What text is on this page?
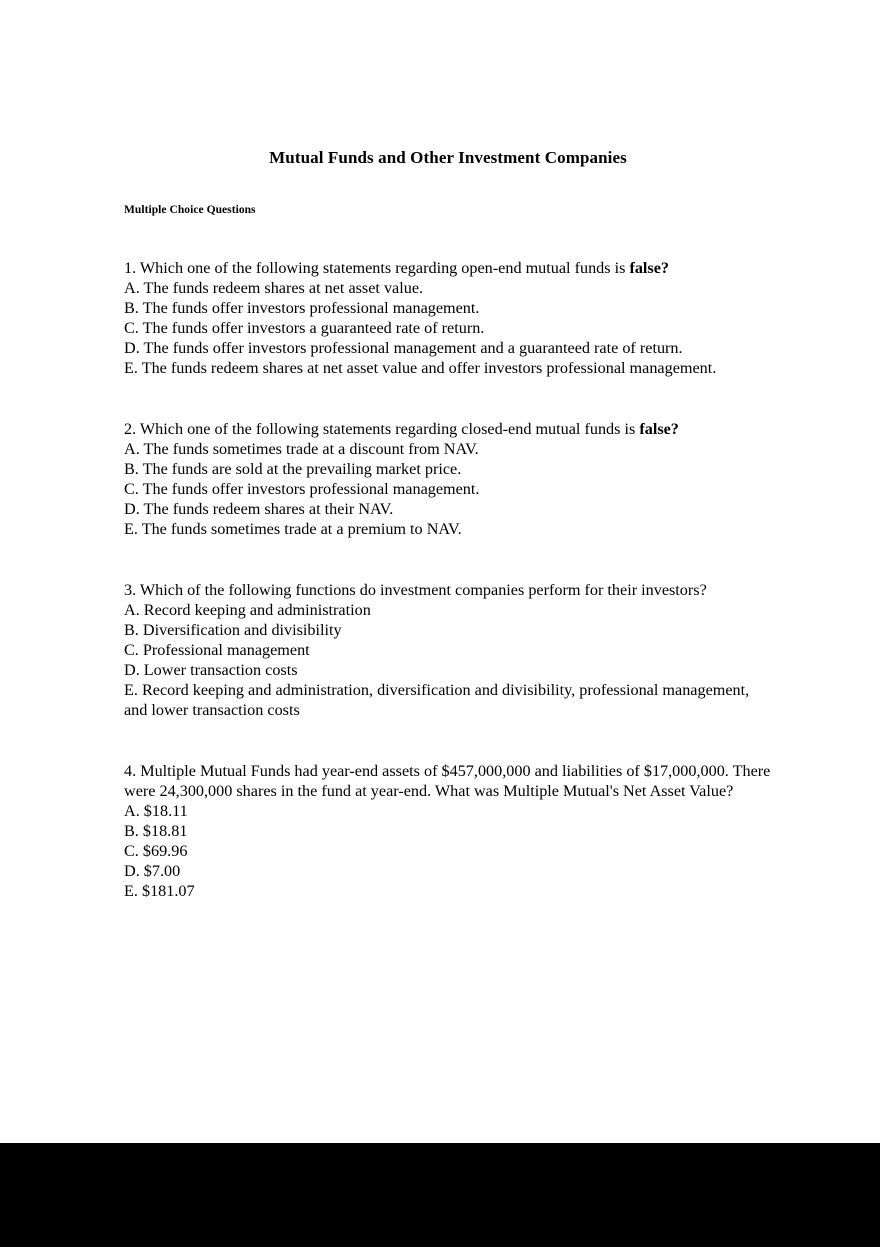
Mutual Funds and Other Investment Companies
Multiple Choice Questions

1. Which one of the following statements regarding open-end mutual funds is false?

A. The funds redeem shares at net asset value.

B. The funds offer investors professional management.

C. The funds offer investors a guaranteed rate of return.

D. The funds offer investors professional management and a guaranteed rate of return.

E. The funds redeem shares at net asset value and offer investors professional management.

2. Which one of the following statements regarding closed-end mutual funds is false?

A. The funds sometimes trade at a discount from NAV.

B. The funds are sold at the prevailing market price.

C. The funds offer investors professional management.

D. The funds redeem shares at their NAV.

E. The funds sometimes trade at a premium to NAV.

3. Which of the following functions do investment companies perform for their investors?

A. Record keeping and administration

B. Diversification and divisibility

C. Professional management

D. Lower transaction costs

E. Record keeping and administration, diversification and divisibility, professional management, and lower transaction costs

4. Multiple Mutual Funds had year-end assets of $457,000,000 and liabilities of $17,000,000. There were 24,300,000 shares in the fund at year-end. What was Multiple Mutual's Net Asset Value?

A. $18.11

B. $18.81

C. $69.96

D. $7.00

E. $181.07
